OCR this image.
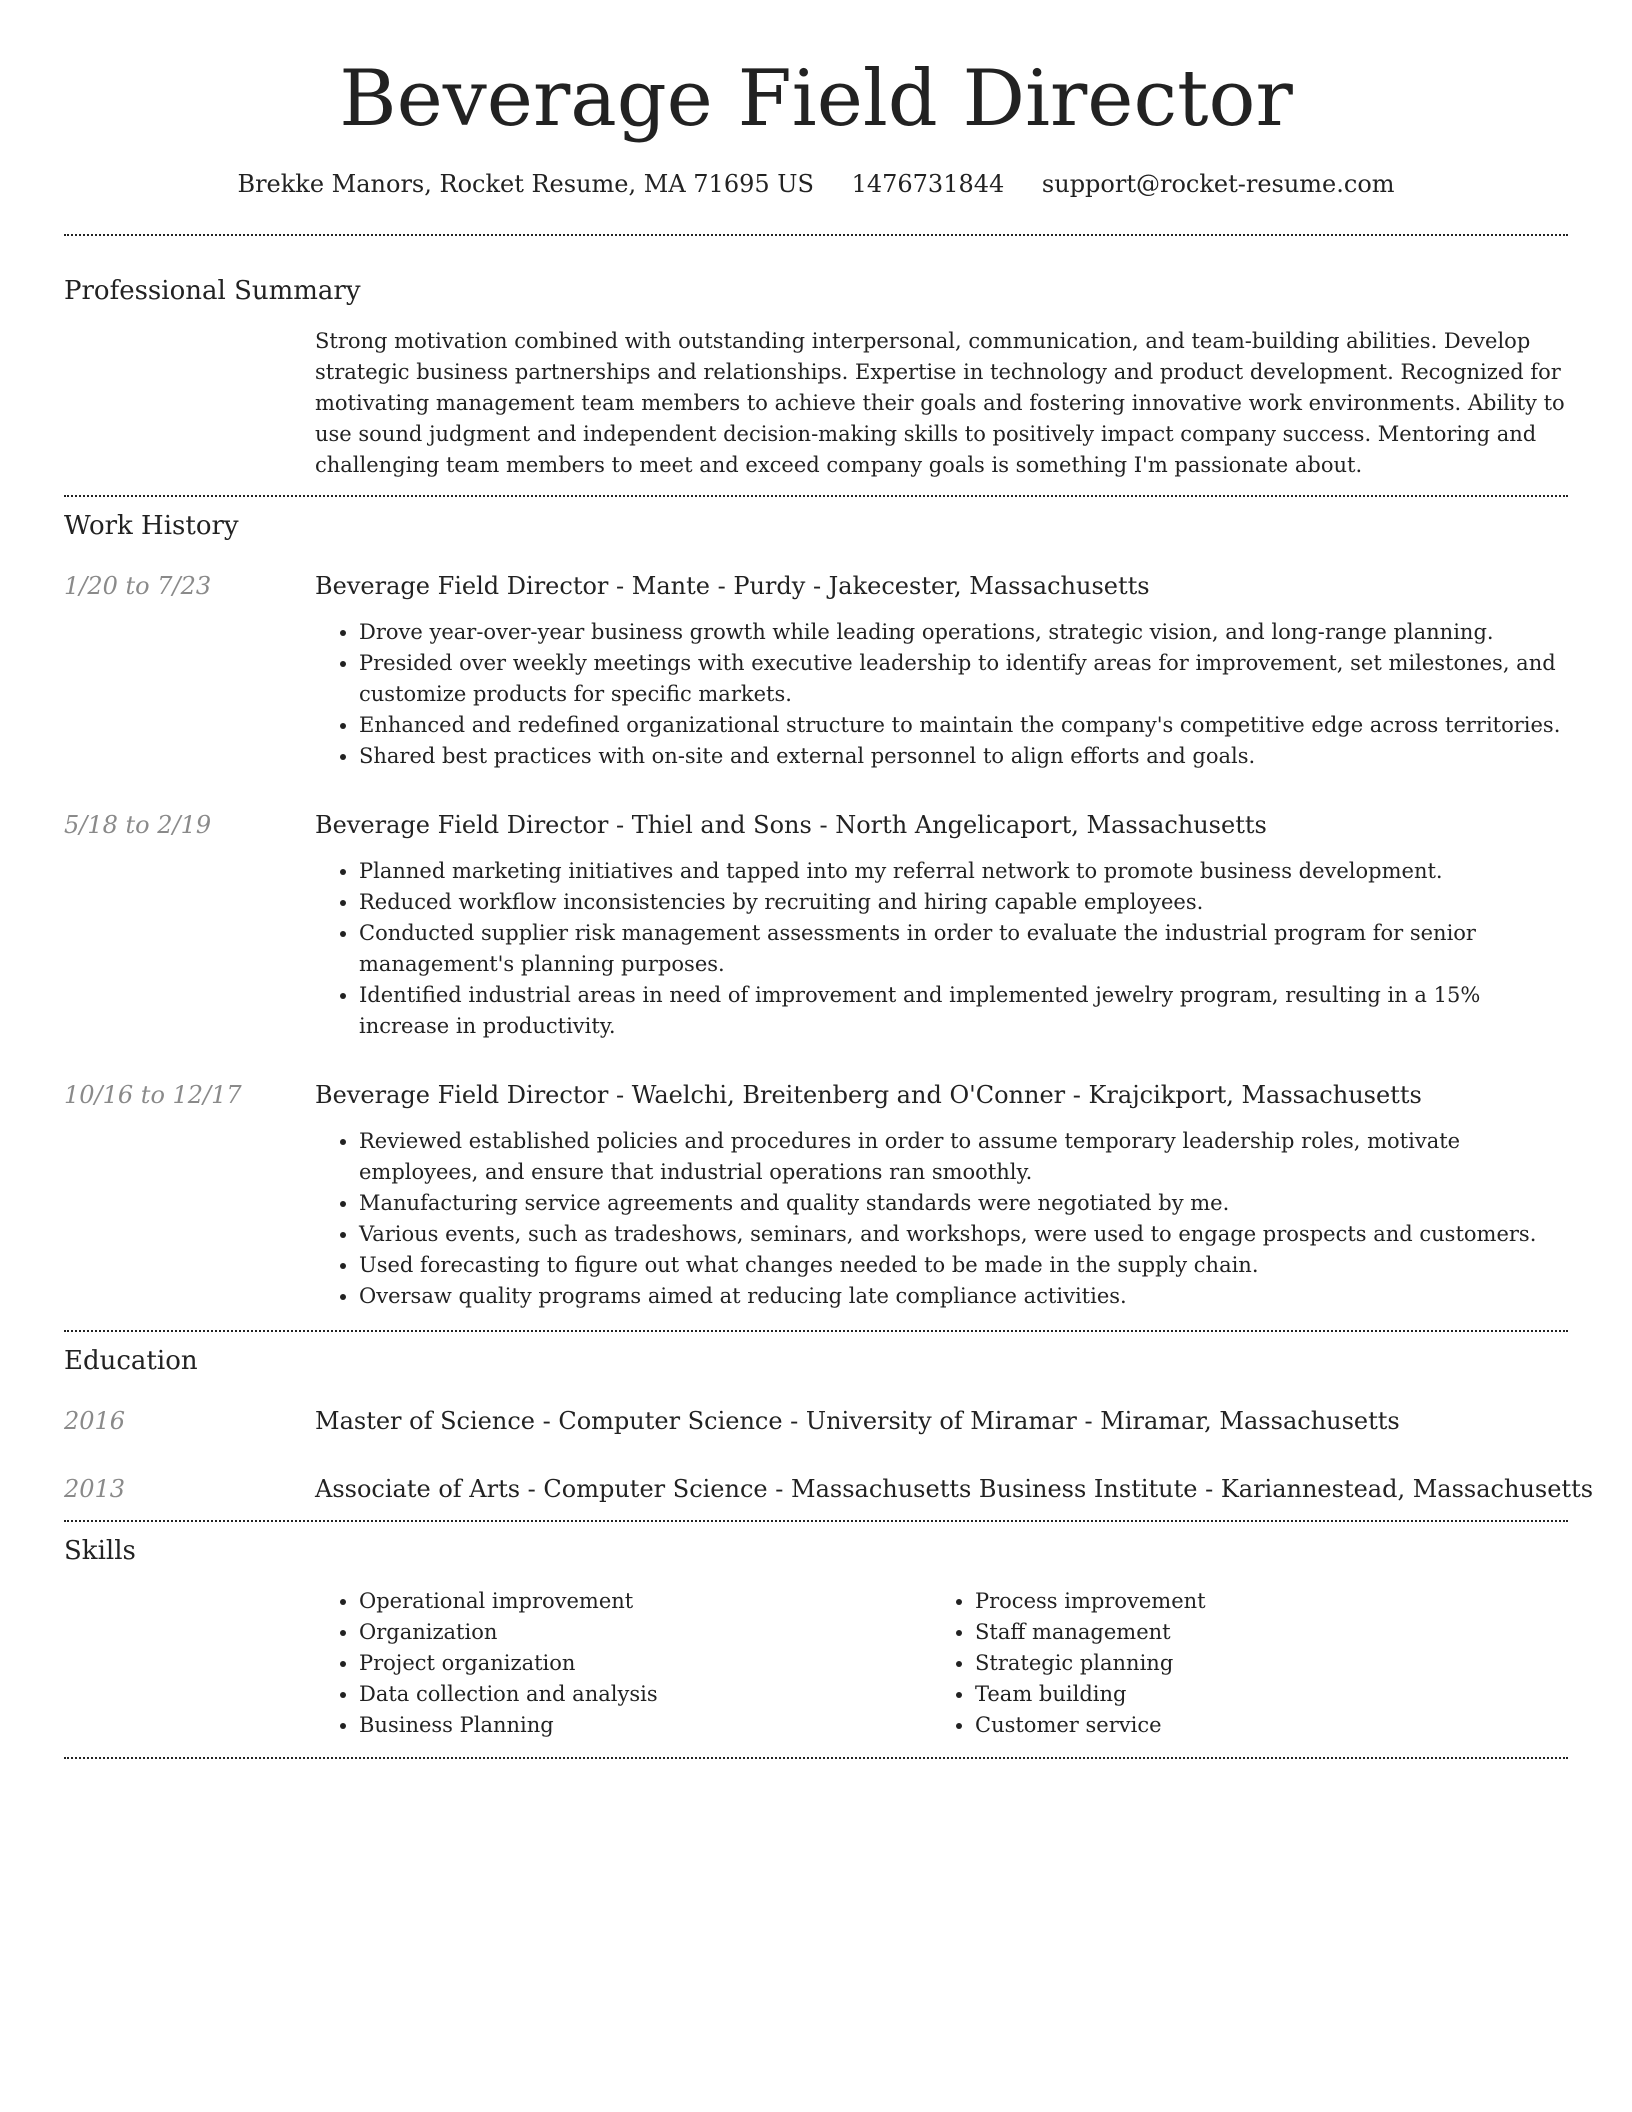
Beverage Field Director
Brekke Manors, Rocket Resume, MA 71695 US 1476731844 support@rocket-resume.com
Professional Summary
Strong motivation combined with outstanding interpersonal, communication, and team-building abilities. Develop strategic business partnerships and relationships. Expertise in technology and product development. Recognized for motivating management team members to achieve their goals and fostering innovative work environments. Ability to use sound judgment and independent decision-making skills to positively impact company success. Mentoring and challenging team members to meet and exceed company goals is something I'm passionate about.
Work History
1/20 to 7/23	Beverage Field Director - Mante - Purdy - Jakecester, Massachusetts
• Drove year-over-year business growth while leading operations, strategic vision, and long-range planning.
• Presided over weekly meetings with executive leadership to identify areas for improvement, set milestones, and customize products for specific markets.
• Enhanced and redefined organizational structure to maintain the company's competitive edge across territories.
• Shared best practices with on-site and external personnel to align efforts and goals.
5/18 to 2/19	Beverage Field Director - Thiel and Sons - North Angelicaport, Massachusetts
• Planned marketing initiatives and tapped into my referral network to promote business development.
• Reduced workflow inconsistencies by recruiting and hiring capable employees.
• Conducted supplier risk management assessments in order to evaluate the industrial program for senior management's planning purposes.
• Identified industrial areas in need of improvement and implemented jewelry program, resulting in a 15% increase in productivity.
10/16 to 12/17	Beverage Field Director - Waelchi, Breitenberg and O'Conner - Krajcikport, Massachusetts
• Reviewed established policies and procedures in order to assume temporary leadership roles, motivate employees, and ensure that industrial operations ran smoothly.
• Manufacturing service agreements and quality standards were negotiated by me.
• Various events, such as tradeshows, seminars, and workshops, were used to engage prospects and customers.
• Used forecasting to figure out what changes needed to be made in the supply chain.
• Oversaw quality programs aimed at reducing late compliance activities.
Education
2016	Master of Science - Computer Science - University of Miramar - Miramar, Massachusetts
2013	Associate of Arts - Computer Science - Massachusetts Business Institute - Kariannestead, Massachusetts
Skills
• Operational improvement
• Organization
• Project organization
• Data collection and analysis
• Business Planning
• Process improvement
• Staff management
• Strategic planning
• Team building
• Customer service
